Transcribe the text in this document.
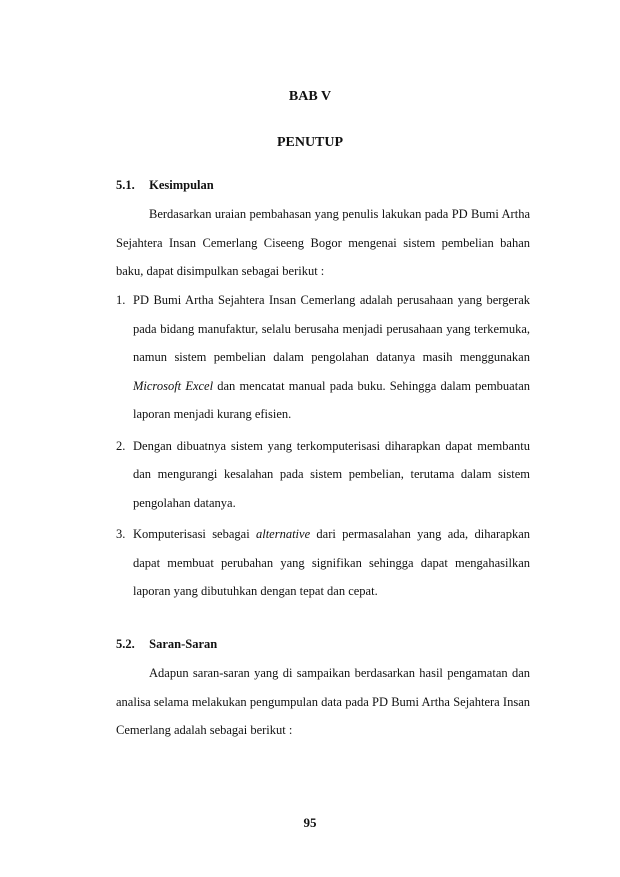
BAB V
PENUTUP
5.1. Kesimpulan

Berdasarkan uraian pembahasan yang penulis lakukan pada PD Bumi Artha Sejahtera Insan Cemerlang Ciseeng Bogor mengenai sistem pembelian bahan baku, dapat disimpulkan sebagai berikut :

1. PD Bumi Artha Sejahtera Insan Cemerlang adalah perusahaan yang bergerak pada bidang manufaktur, selalu berusaha menjadi perusahaan yang terkemuka, namun sistem pembelian dalam pengolahan datanya masih menggunakan Microsoft Excel dan mencatat manual pada buku. Sehingga dalam pembuatan laporan menjadi kurang efisien.
2. Dengan dibuatnya sistem yang terkomputerisasi diharapkan dapat membantu dan mengurangi kesalahan pada sistem pembelian, terutama dalam sistem pengolahan datanya.
3. Komputerisasi sebagai alternative dari permasalahan yang ada, diharapkan dapat membuat perubahan yang signifikan sehingga dapat mengahasilkan laporan yang dibutuhkan dengan tepat dan cepat.
5.2. Saran-Saran

Adapun saran-saran yang di sampaikan berdasarkan hasil pengamatan dan analisa selama melakukan pengumpulan data pada PD Bumi Artha Sejahtera Insan Cemerlang adalah sebagai berikut :

95
